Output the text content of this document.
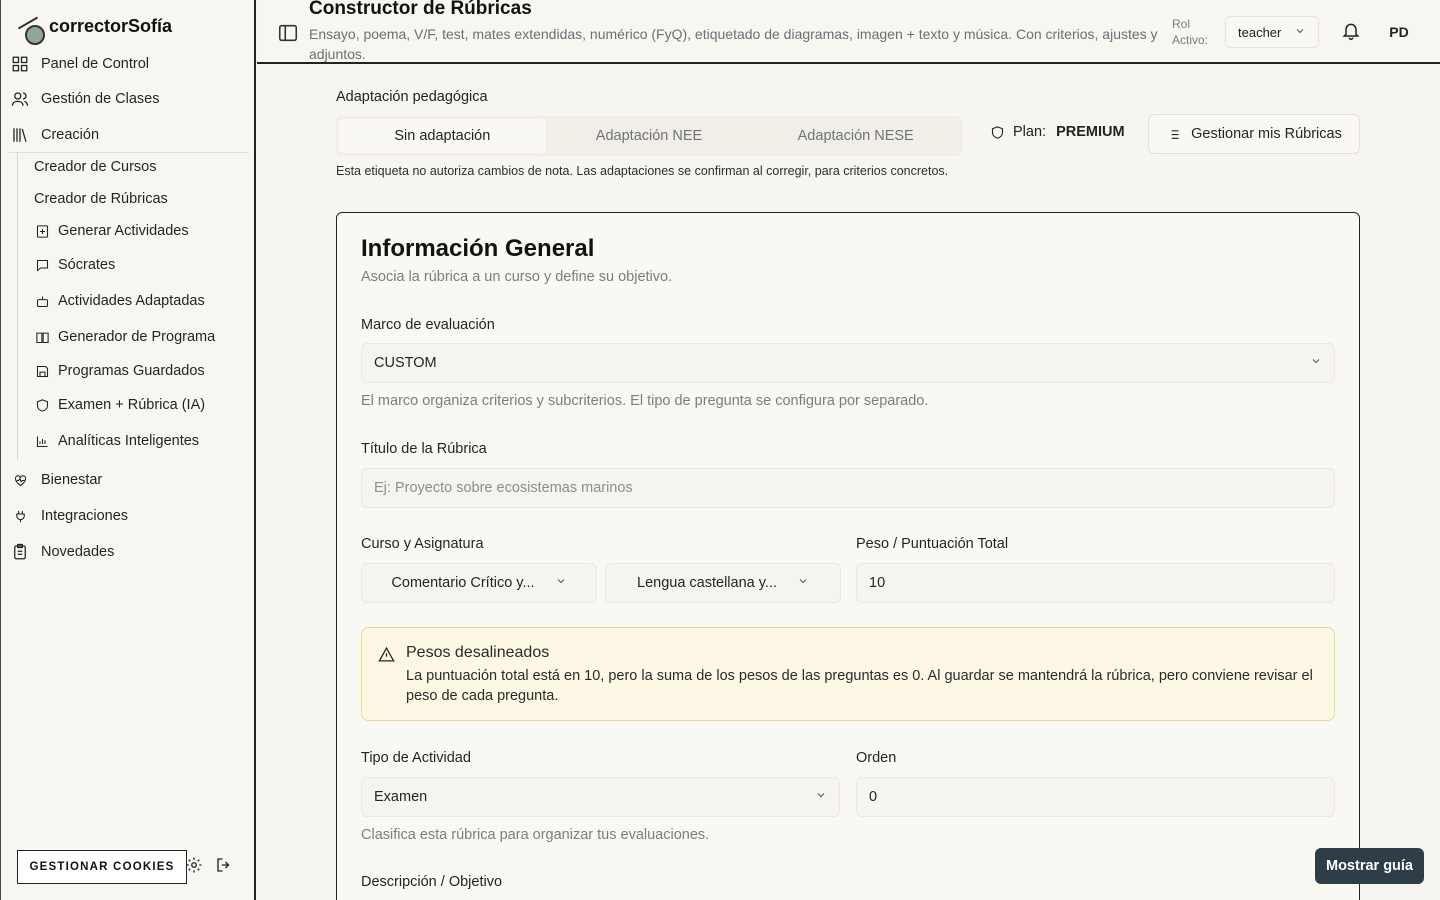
correctorSofía
Panel de Control
Gestión de Clases
Creación
Creador de Cursos
Creador de Rúbricas
Generar Actividades
Sócrates
Actividades Adaptadas
Generador de Programa
Programas Guardados
Examen + Rúbrica (IA)
Analíticas Inteligentes
Bienestar
Integraciones
Novedades
GESTIONAR COOKIES
Constructor de Rúbricas
Ensayo, poema, V/F, test, mates extendidas, numérico (FyQ), etiquetado de diagramas, imagen + texto y música. Con criterios, ajustes y adjuntos.
Rol Activo:
teacher	PD
Adaptación pedagógica
Sin adaptación	Adaptación NEE	Adaptación NESE	Plan: PREMIUM	Gestionar mis Rúbricas
Esta etiqueta no autoriza cambios de nota. Las adaptaciones se confirman al corregir, para criterios concretos.
Información General
Asocia la rúbrica a un curso y define su objetivo.
Marco de evaluación
CUSTOM
El marco organiza criterios y subcriterios. El tipo de pregunta se configura por separado.
Título de la Rúbrica
Ej: Proyecto sobre ecosistemas marinos
Curso y Asignatura
Comentario Crítico y...	Lengua castellana y...
Peso / Puntuación Total
10
Pesos desalineados
La puntuación total está en 10, pero la suma de los pesos de las preguntas es 0. Al guardar se mantendrá la rúbrica, pero conviene revisar el peso de cada pregunta.
Tipo de Actividad
Examen
Orden
0
Clasifica esta rúbrica para organizar tus evaluaciones.
Descripción / Objetivo
Mostrar guía
